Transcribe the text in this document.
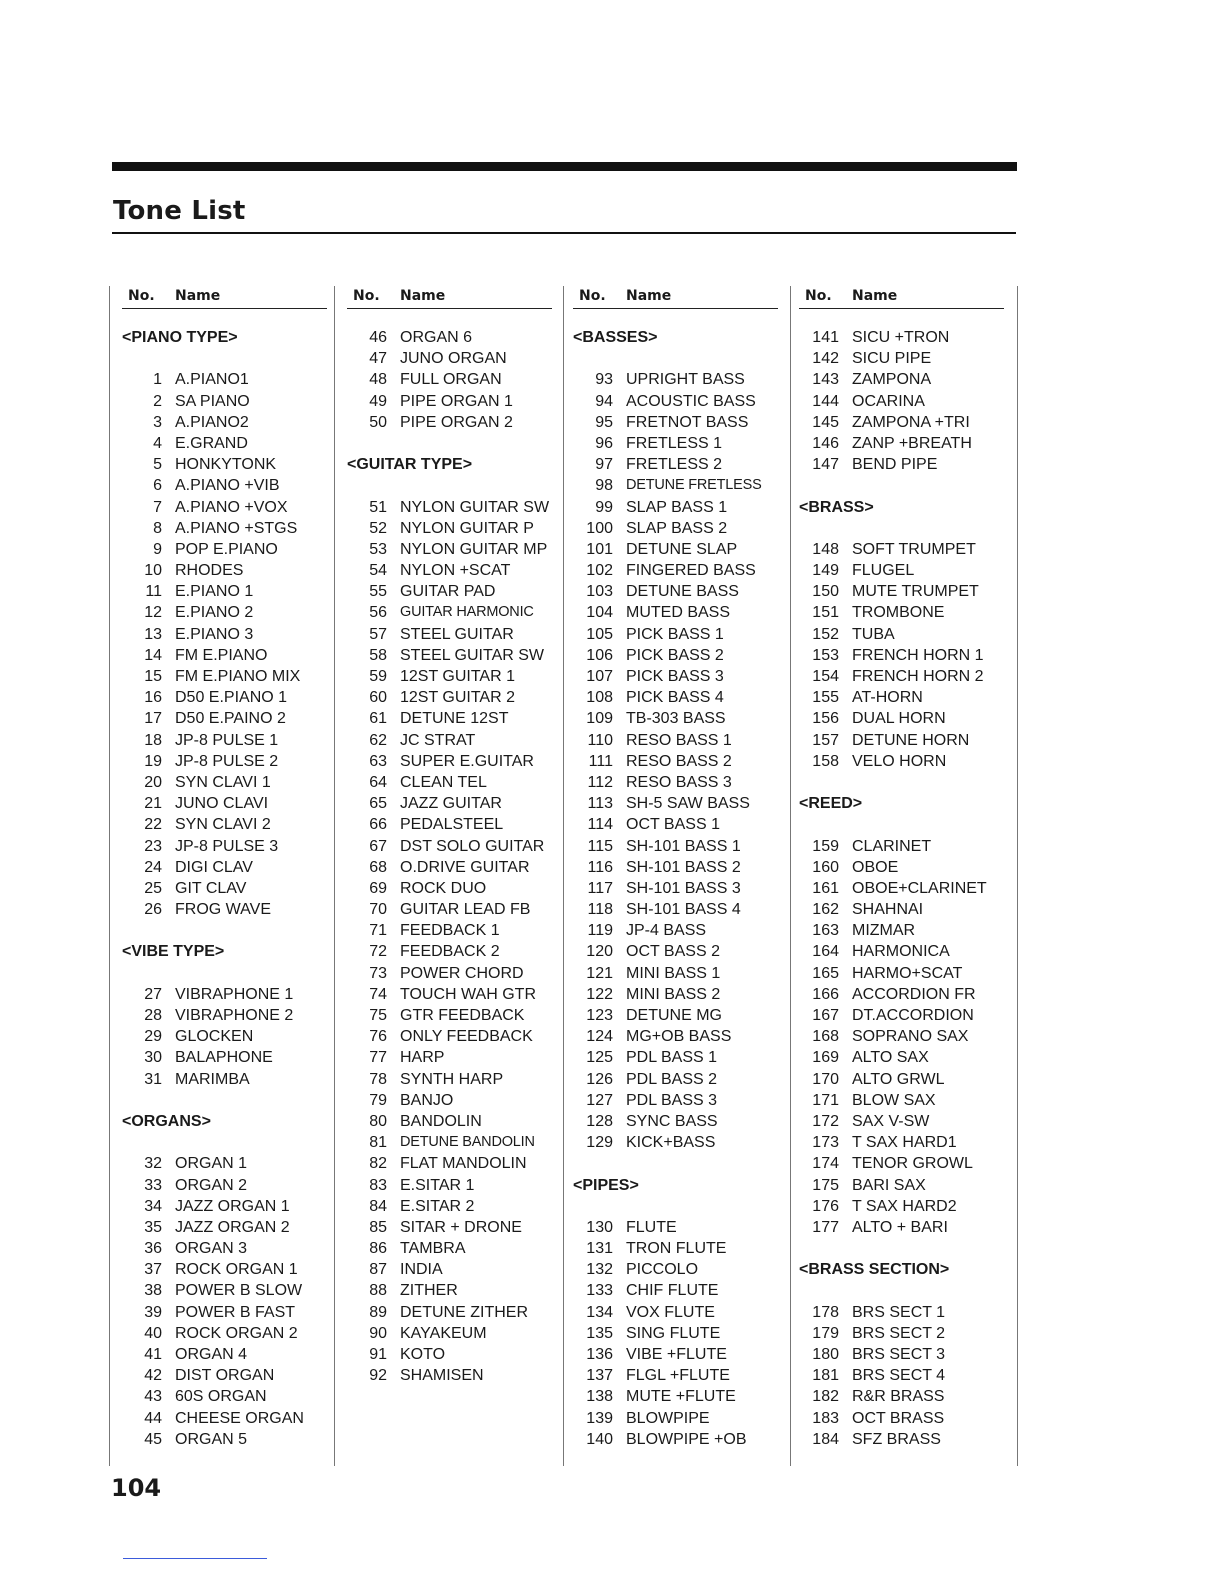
Tone List
No. Name
<PIANO TYPE>
1 A.PIANO1
2 SA PIANO
3 A.PIANO2
4 E.GRAND
5 HONKYTONK
6 A.PIANO +VIB
7 A.PIANO +VOX
8 A.PIANO +STGS
9 POP E.PIANO
10 RHODES
11 E.PIANO 1
12 E.PIANO 2
13 E.PIANO 3
14 FM E.PIANO
15 FM E.PIANO MIX
16 D50 E.PIANO 1
17 D50 E.PAINO 2
18 JP-8 PULSE 1
19 JP-8 PULSE 2
20 SYN CLAVI 1
21 JUNO CLAVI
22 SYN CLAVI 2
23 JP-8 PULSE 3
24 DIGI CLAV
25 GIT CLAV
26 FROG WAVE
<VIBE TYPE>
27 VIBRAPHONE 1
28 VIBRAPHONE 2
29 GLOCKEN
30 BALAPHONE
31 MARIMBA
<ORGANS>
32 ORGAN 1
33 ORGAN 2
34 JAZZ ORGAN 1
35 JAZZ ORGAN 2
36 ORGAN 3
37 ROCK ORGAN 1
38 POWER B SLOW
39 POWER B FAST
40 ROCK ORGAN 2
41 ORGAN 4
42 DIST ORGAN
43 60S ORGAN
44 CHEESE ORGAN
45 ORGAN 5
No. Name
46 ORGAN 6
47 JUNO ORGAN
48 FULL ORGAN
49 PIPE ORGAN 1
50 PIPE ORGAN 2
<GUITAR TYPE>
51 NYLON GUITAR SW
52 NYLON GUITAR P
53 NYLON GUITAR MP
54 NYLON +SCAT
55 GUITAR PAD
56 GUITAR HARMONIC
57 STEEL GUITAR
58 STEEL GUITAR SW
59 12ST GUITAR 1
60 12ST GUITAR 2
61 DETUNE 12ST
62 JC STRAT
63 SUPER E.GUITAR
64 CLEAN TEL
65 JAZZ GUITAR
66 PEDALSTEEL
67 DST SOLO GUITAR
68 O.DRIVE GUITAR
69 ROCK DUO
70 GUITAR LEAD FB
71 FEEDBACK 1
72 FEEDBACK 2
73 POWER CHORD
74 TOUCH WAH GTR
75 GTR FEEDBACK
76 ONLY FEEDBACK
77 HARP
78 SYNTH HARP
79 BANJO
80 BANDOLIN
81 DETUNE BANDOLIN
82 FLAT MANDOLIN
83 E.SITAR 1
84 E.SITAR 2
85 SITAR + DRONE
86 TAMBRA
87 INDIA
88 ZITHER
89 DETUNE ZITHER
90 KAYAKEUM
91 KOTO
92 SHAMISEN
No. Name
<BASSES>
93 UPRIGHT BASS
94 ACOUSTIC BASS
95 FRETNOT BASS
96 FRETLESS 1
97 FRETLESS 2
98 DETUNE FRETLESS
99 SLAP BASS 1
100 SLAP BASS 2
101 DETUNE SLAP
102 FINGERED BASS
103 DETUNE BASS
104 MUTED BASS
105 PICK BASS 1
106 PICK BASS 2
107 PICK BASS 3
108 PICK BASS 4
109 TB-303 BASS
110 RESO BASS 1
111 RESO BASS 2
112 RESO BASS 3
113 SH-5 SAW BASS
114 OCT BASS 1
115 SH-101 BASS 1
116 SH-101 BASS 2
117 SH-101 BASS 3
118 SH-101 BASS 4
119 JP-4 BASS
120 OCT BASS 2
121 MINI BASS 1
122 MINI BASS 2
123 DETUNE MG
124 MG+OB BASS
125 PDL BASS 1
126 PDL BASS 2
127 PDL BASS 3
128 SYNC BASS
129 KICK+BASS
<PIPES>
130 FLUTE
131 TRON FLUTE
132 PICCOLO
133 CHIF FLUTE
134 VOX FLUTE
135 SING FLUTE
136 VIBE +FLUTE
137 FLGL +FLUTE
138 MUTE +FLUTE
139 BLOWPIPE
140 BLOWPIPE +OB
No. Name
141 SICU +TRON
142 SICU PIPE
143 ZAMPONA
144 OCARINA
145 ZAMPONA +TRI
146 ZANP +BREATH
147 BEND PIPE
<BRASS>
148 SOFT TRUMPET
149 FLUGEL
150 MUTE TRUMPET
151 TROMBONE
152 TUBA
153 FRENCH HORN 1
154 FRENCH HORN 2
155 AT-HORN
156 DUAL HORN
157 DETUNE HORN
158 VELO HORN
<REED>
159 CLARINET
160 OBOE
161 OBOE+CLARINET
162 SHAHNAI
163 MIZMAR
164 HARMONICA
165 HARMO+SCAT
166 ACCORDION FR
167 DT.ACCORDION
168 SOPRANO SAX
169 ALTO SAX
170 ALTO GRWL
171 BLOW SAX
172 SAX V-SW
173 T SAX HARD1
174 TENOR GROWL
175 BARI SAX
176 T SAX HARD2
177 ALTO + BARI
<BRASS SECTION>
178 BRS SECT 1
179 BRS SECT 2
180 BRS SECT 3
181 BRS SECT 4
182 R&R BRASS
183 OCT BRASS
184 SFZ BRASS
104
